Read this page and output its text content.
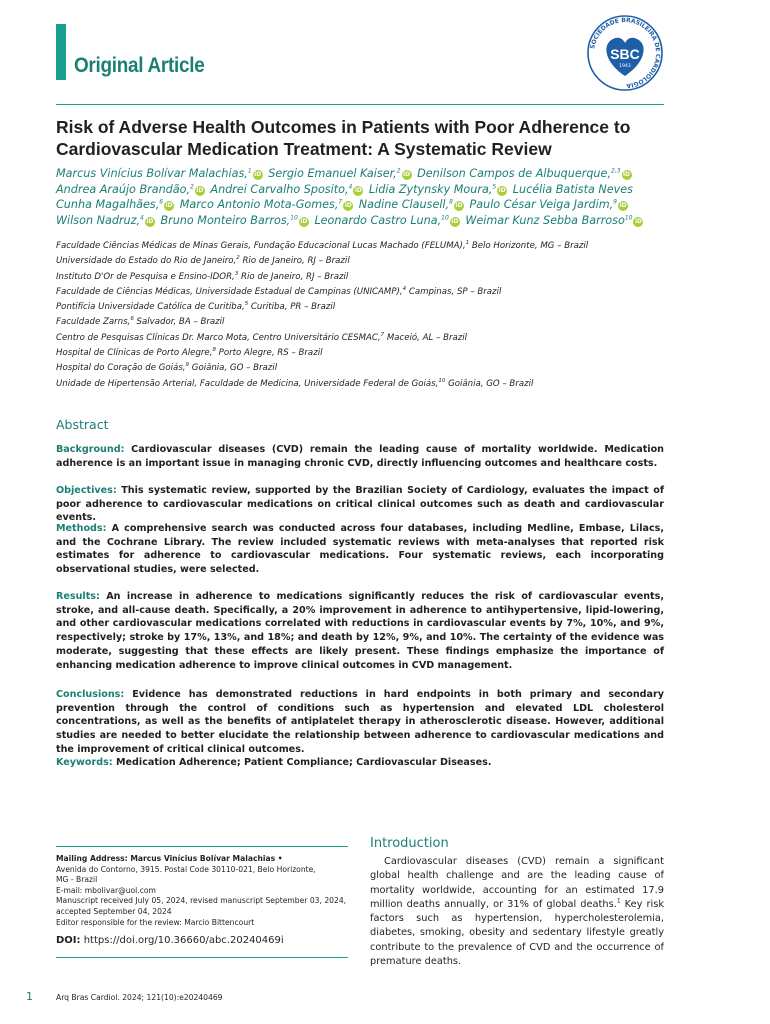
Original Article
SOCIEDADE BRASILEIRA DE CARDIOLOGIA
SBC
1943
Risk of Adverse Health Outcomes in Patients with Poor Adherence to Cardiovascular Medication Treatment: A Systematic Review
Marcus Vinícius Bolívar Malachias,$^1$iD Sergio Emanuel Kaiser,$^2$iD Denilson Campos de Albuquerque,$^{2,3}$iD Andrea Araújo Brandão,$^2$iD Andrei Carvalho Sposito,$^4$iD Lidia Zytynsky Moura,$^5$iD Lucélia Batista Neves Cunha Magalhães,$^6$iD Marco Antonio Mota-Gomes,$^7$iD Nadine Clausell,$^8$iD Paulo César Veiga Jardim,$^9$iD Wilson Nadruz,$^4$iD Bruno Monteiro Barros,$^{10}$iD Leonardo Castro Luna,$^{10}$iD Weimar Kunz Sebba Barroso$^{10}$iD
Faculdade Ciências Médicas de Minas Gerais, Fundação Educacional Lucas Machado (FELUMA),$^1$ Belo Horizonte, MG – Brazil
Universidade do Estado do Rio de Janeiro,$^2$ Rio de Janeiro, RJ – Brazil
Instituto D'Or de Pesquisa e Ensino-IDOR,$^3$ Rio de Janeiro, RJ – Brazil
Faculdade de Ciências Médicas, Universidade Estadual de Campinas (UNICAMP),$^4$ Campinas, SP – Brazil
Pontifícia Universidade Católica de Curitiba,$^5$ Curitiba, PR – Brazil
Faculdade Zarns,$^6$ Salvador, BA – Brazil
Centro de Pesquisas Clínicas Dr. Marco Mota, Centro Universitário CESMAC,$^7$ Maceió, AL – Brazil
Hospital de Clínicas de Porto Alegre,$^8$ Porto Alegre, RS – Brazil
Hospital do Coração de Goiás,$^9$ Goiânia, GO – Brazil
Unidade de Hipertensão Arterial, Faculdade de Medicina, Universidade Federal de Goiás,$^{10}$ Goiânia, GO – Brazil
Abstract

Background: Cardiovascular diseases (CVD) remain the leading cause of mortality worldwide. Medication adherence is an important issue in managing chronic CVD, directly influencing outcomes and healthcare costs.

Objectives: This systematic review, supported by the Brazilian Society of Cardiology, evaluates the impact of poor adherence to cardiovascular medications on critical clinical outcomes such as death and cardiovascular events.

Methods: A comprehensive search was conducted across four databases, including Medline, Embase, Lilacs, and the Cochrane Library. The review included systematic reviews with meta-analyses that reported risk estimates for adherence to cardiovascular medications. Four systematic reviews, each incorporating observational studies, were selected.

Results: An increase in adherence to medications significantly reduces the risk of cardiovascular events, stroke, and all-cause death. Specifically, a 20% improvement in adherence to antihypertensive, lipid-lowering, and other cardiovascular medications correlated with reductions in cardiovascular events by 7%, 10%, and 9%, respectively; stroke by 17%, 13%, and 18%; and death by 12%, 9%, and 10%. The certainty of the evidence was moderate, suggesting that these effects are likely present. These findings emphasize the importance of enhancing medication adherence to improve clinical outcomes in CVD management.

Conclusions: Evidence has demonstrated reductions in hard endpoints in both primary and secondary prevention through the control of conditions such as hypertension and elevated LDL cholesterol concentrations, as well as the benefits of antiplatelet therapy in atherosclerotic disease. However, additional studies are needed to better elucidate the relationship between adherence to cardiovascular medications and the improvement of critical clinical outcomes.

Keywords: Medication Adherence; Patient Compliance; Cardiovascular Diseases.

Mailing Address: Marcus Vinícius Bolívar Malachias •
Avenida do Contorno, 3915. Postal Code 30110-021, Belo Horizonte,
MG - Brazil
E-mail: mbolivar@uol.com
Manuscript received July 05, 2024, revised manuscript September 03, 2024,
accepted September 04, 2024
Editor responsible for the review: Marcio Bittencourt
DOI: https://doi.org/10.36660/abc.20240469i
Introduction

Cardiovascular diseases (CVD) remain a significant global health challenge and are the leading cause of mortality worldwide, accounting for an estimated 17.9 million deaths annually, or 31% of global deaths.$^1$ Key risk factors such as hypertension, hypercholesterolemia, diabetes, smoking, obesity and sedentary lifestyle greatly contribute to the prevalence of CVD and the occurrence of premature deaths.

1	Arq Bras Cardiol. 2024; 121(10):e20240469
